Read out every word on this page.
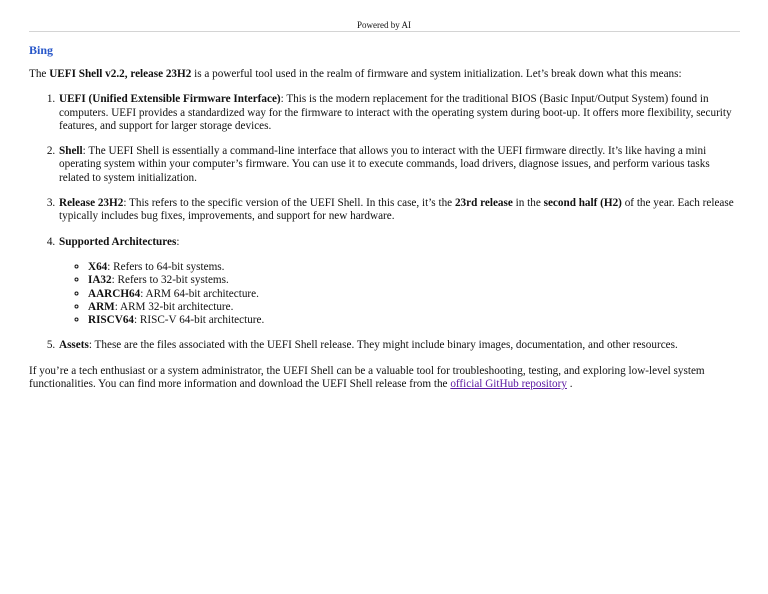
Powered by AI
Bing

The UEFI Shell v2.2, release 23H2 is a powerful tool used in the realm of firmware and system initialization. Let’s break down what this means:

1. UEFI (Unified Extensible Firmware Interface): This is the modern replacement for the traditional BIOS (Basic Input/Output System) found in computers. UEFI provides a standardized way for the firmware to interact with the operating system during boot-up. It offers more flexibility, security features, and support for larger storage devices.
2. Shell: The UEFI Shell is essentially a command-line interface that allows you to interact with the UEFI firmware directly. It’s like having a mini operating system within your computer’s firmware. You can use it to execute commands, load drivers, diagnose issues, and perform various tasks related to system initialization.
3. Release 23H2: This refers to the specific version of the UEFI Shell. In this case, it’s the 23rd release in the second half (H2) of the year. Each release typically includes bug fixes, improvements, and support for new hardware.
4. Supported Architectures:
◦ X64: Refers to 64-bit systems.
◦ IA32: Refers to 32-bit systems.
◦ AARCH64: ARM 64-bit architecture.
◦ ARM: ARM 32-bit architecture.
◦ RISCV64: RISC-V 64-bit architecture.
5. Assets: These are the files associated with the UEFI Shell release. They might include binary images, documentation, and other resources.

If you’re a tech enthusiast or a system administrator, the UEFI Shell can be a valuable tool for troubleshooting, testing, and exploring low-level system functionalities. You can find more information and download the UEFI Shell release from the official GitHub repository .
